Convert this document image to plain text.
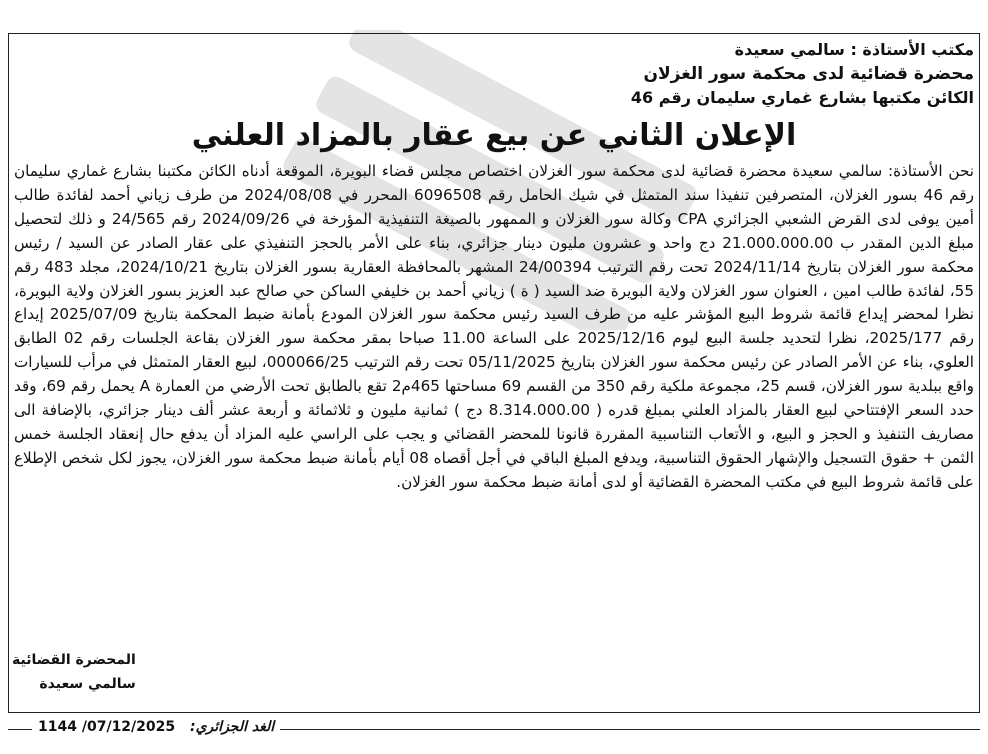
مكتب الأستاذة : سالمي سعيدة

محضرة قضائية لدى محكمة سور الغزلان

الكائن مكتبها بشارع غماري سليمان رقم 46

الإعلان الثاني عن بيع عقار بالمزاد العلني

نحن الأستاذة: سالمي سعيدة محضرة قضائية لدى محكمة سور الغزلان اختصاص مجلس قضاء البويرة، الموقعة أدناه الكائن مكتبنا بشارع غماري سليمان رقم 46 بسور الغزلان، المتصرفين تنفيذا سند المتمثل في شيك الحامل رقم 6096508 المحرر في 2024/08/08 من طرف زياني أحمد لفائدة طالب أمين يوفى لدى القرض الشعبي الجزائري CPA وكالة سور الغزلان و الممهور بالصيغة التنفيذية المؤرخة في 2024/09/26 رقم 24/565 و ذلك لتحصيل مبلغ الدين المقدر ب 21.000.000.00 دج واحد و عشرون مليون دينار جزائري، بناء على الأمر بالحجز التنفيذي على عقار الصادر عن السيد / رئيس محكمة سور الغزلان بتاريخ 2024/11/14 تحت رقم الترتيب 24/00394 المشهر بالمحافظة العقارية بسور الغزلان بتاريخ 2024/10/21، مجلد 483 رقم 55، لفائدة طالب امين ، العنوان سور الغزلان ولاية البويرة ضد السيد ( ة ) زياني أحمد بن خليفي الساكن حي صالح عبد العزيز بسور الغزلان ولاية البويرة، نظرا لمحضر إيداع قائمة شروط البيع المؤشر عليه من طرف السيد رئيس محكمة سور الغزلان المودع بأمانة ضبط المحكمة بتاريخ 2025/07/09 إيداع رقم 2025/177، نظرا لتحديد جلسة البيع ليوم 2025/12/16 على الساعة 11.00 صباحا بمقر محكمة سور الغزلان بقاعة الجلسات رقم 02 الطابق العلوي، بناء عن الأمر الصادر عن رئيس محكمة سور الغزلان بتاريخ 05/11/2025 تحت رقم الترتيب 000066/25، لبيع العقار المتمثل في مرأب للسيارات واقع ببلدية سور الغزلان، قسم 25، مجموعة ملكية رقم 350 من القسم 69 مساحتها 465م2 تقع بالطابق تحت الأرضي من العمارة A يحمل رقم 69، وقد حدد السعر الإفتتاحي لبيع العقار بالمزاد العلني بمبلغ قدره ( 8.314.000.00 دج ) ثمانية مليون و ثلاثمائة و أربعة عشر ألف دينار جزائري، بالإضافة الى مصاريف التنفيذ و الحجز و البيع، و الأتعاب التناسبية المقررة قانونا للمحضر القضائي و يجب على الراسي عليه المزاد أن يدفع حال إنعقاد الجلسة خمس الثمن + حقوق التسجيل والإشهار الحقوق التناسبية، ويدفع المبلغ الباقي في أجل أقصاه 08 أيام بأمانة ضبط محكمة سور الغزلان، يجوز لكل شخص الإطلاع على قائمة شروط البيع في مكتب المحضرة القضائية أو لدى أمانة ضبط محكمة سور الغزلان.

المحضرة القضائية
سالمي سعيدة
الغد الجزائري: 07/12/2025/ 1144
